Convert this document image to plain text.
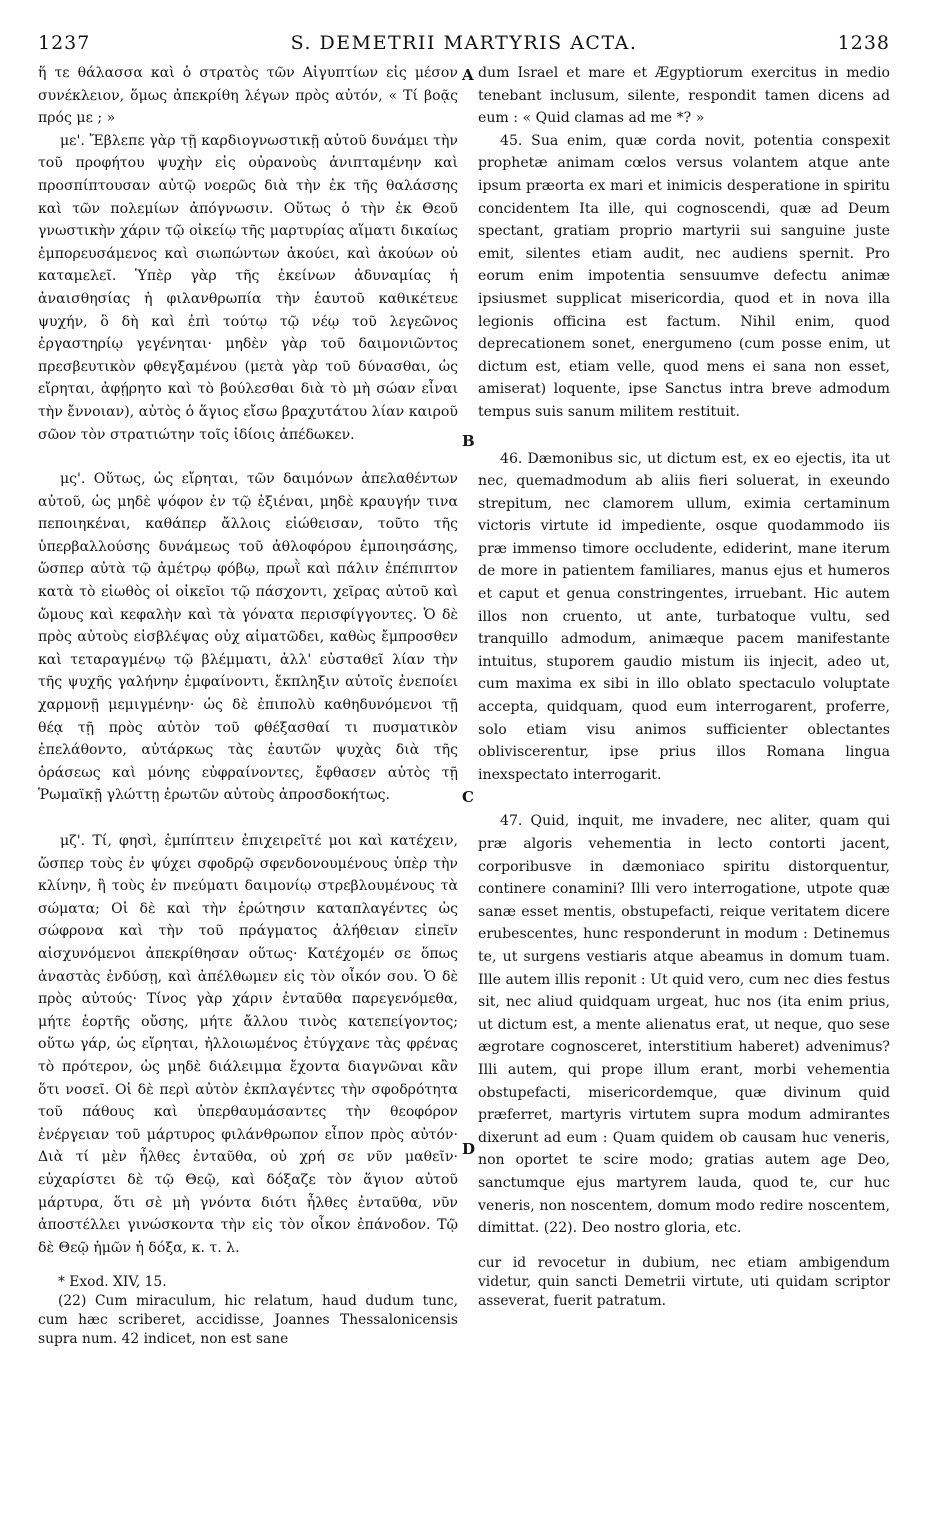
1237	S. DEMETRII MARTYRIS ACTA.	1238
A
B
C
D

ἥ τε θάλασσα καὶ ὁ στρατὸς τῶν Αἰγυπτίων εἰς μέσον συνέκλειον, ὅμως ἀπεκρίθη λέγων πρὸς αὐτόν, « Τί βοᾷς πρός με ; »

με'. Ἔβλεπε γὰρ τῇ καρδιογνωστικῇ αὐτοῦ δυνάμει τὴν τοῦ προφήτου ψυχὴν εἰς οὐρανοὺς ἀνιπταμένην καὶ προσπίπτουσαν αὐτῷ νοερῶς διὰ τὴν ἐκ τῆς θαλάσσης καὶ τῶν πολεμίων ἀπόγνωσιν. Οὕτως ὁ τὴν ἐκ Θεοῦ γνωστικὴν χάριν τῷ οἰκείῳ τῆς μαρτυρίας αἵματι δικαίως ἐμπορευσάμενος καὶ σιωπώντων ἀκούει, καὶ ἀκούων οὐ καταμελεῖ. Ὑπὲρ γὰρ τῆς ἐκείνων ἀδυναμίας ἡ ἀναισθησίας ἡ φιλανθρωπία τὴν ἑαυτοῦ καθικέτευε ψυχήν, ὃ δὴ καὶ ἐπὶ τούτῳ τῷ νέῳ τοῦ λεγεῶνος ἐργαστηρίῳ γεγένηται· μηδὲν γὰρ τοῦ δαιμονιῶντος πρεσβευτικὸν φθεγξαμένου (μετὰ γὰρ τοῦ δύνασθαι, ὡς εἴρηται, ἀφῄρητο καὶ τὸ βούλεσθαι διὰ τὸ μὴ σώαν εἶναι τὴν ἔννοιαν), αὐτὸς ὁ ἅγιος εἴσω βραχυτάτου λίαν καιροῦ σῶον τὸν στρατιώτην τοῖς ἰδίοις ἀπέδωκεν.

μς'. Οὕτως, ὡς εἴρηται, τῶν δαιμόνων ἀπελαθέντων αὐτοῦ, ὡς μηδὲ ψόφον ἐν τῷ ἐξιέναι, μηδὲ κραυγήν τινα πεποιηκέναι, καθάπερ ἄλλοις εἰώθεισαν, τοῦτο τῆς ὑπερβαλλούσης δυνάμεως τοῦ ἀθλοφόρου ἐμποιησάσης, ὥσπερ αὐτὰ τῷ ἀμέτρῳ φόβῳ, πρωῒ καὶ πάλιν ἐπέπιπτον κατὰ τὸ εἰωθὸς οἱ οἰκεῖοι τῷ πάσχοντι, χεῖρας αὐτοῦ καὶ ὤμους καὶ κεφαλὴν καὶ τὰ γόνατα περισφίγγοντες. Ὁ δὲ πρὸς αὐτοὺς εἰσβλέψας οὐχ αἱματῶδει, καθὼς ἔμπροσθεν καὶ τεταραγμένῳ τῷ βλέμματι, ἀλλ' εὐσταθεῖ λίαν τὴν τῆς ψυχῆς γαλήνην ἐμφαίνοντι, ἔκπληξιν αὐτοῖς ἐνεποίει χαρμονῇ μεμιγμένην· ὡς δὲ ἐπιπολὺ καθηδυνόμενοι τῇ θέᾳ τῇ πρὸς αὐτὸν τοῦ φθέξασθαί τι πυσματικὸν ἐπελάθοντο, αὐτάρκως τὰς ἑαυτῶν ψυχὰς διὰ τῆς ὁράσεως καὶ μόνης εὐφραίνοντες, ἔφθασεν αὐτὸς τῇ Ῥωμαϊκῇ γλώττῃ ἐρωτῶν αὐτοὺς ἀπροσδοκήτως.

μζ'. Τί, φησὶ, ἐμπίπτειν ἐπιχειρεῖτέ μοι καὶ κατέχειν, ὥσπερ τοὺς ἐν ψύχει σφοδρῷ σφενδονουμένους ὑπὲρ τὴν κλίνην, ἢ τοὺς ἐν πνεύματι δαιμονίῳ στρεβλουμένους τὰ σώματα; Οἱ δὲ καὶ τὴν ἐρώτησιν καταπλαγέντες ὡς σώφρονα καὶ τὴν τοῦ πράγματος ἀλήθειαν εἰπεῖν αἰσχυνόμενοι ἀπεκρίθησαν οὕτως· Κατέχομέν σε ὅπως ἀναστὰς ἐνδύσῃ, καὶ ἀπέλθωμεν εἰς τὸν οἶκόν σου. Ὁ δὲ πρὸς αὐτούς· Τίνος γὰρ χάριν ἐνταῦθα παρεγενόμεθα, μήτε ἑορτῆς οὔσης, μήτε ἄλλου τινὸς κατεπείγοντος; οὕτω γάρ, ὡς εἴρηται, ἠλλοιωμένος ἐτύγχανε τὰς φρένας τὸ πρότερον, ὡς μηδὲ διάλειμμα ἔχοντα διαγνῶναι κἂν ὅτι νοσεῖ. Οἱ δὲ περὶ αὐτὸν ἐκπλαγέντες τὴν σφοδρότητα τοῦ πάθους καὶ ὑπερθαυμάσαντες τὴν θεοφόρον ἐνέργειαν τοῦ μάρτυρος φιλάνθρωπον εἶπον πρὸς αὐτόν· Διὰ τί μὲν ἦλθες ἐνταῦθα, οὐ χρή σε νῦν μαθεῖν· εὐχαρίστει δὲ τῷ Θεῷ, καὶ δόξαζε τὸν ἅγιον αὐτοῦ μάρτυρα, ὅτι σὲ μὴ γνόντα διότι ἦλθες ἐνταῦθα, νῦν ἀποστέλλει γινώσκοντα τὴν εἰς τὸν οἶκον ἐπάνοδον. Τῷ δὲ Θεῷ ἡμῶν ἡ δόξα, κ. τ. λ.

* Exod. XIV, 15.
(22) Cum miraculum, hic relatum, haud dudum tunc, cum hæc scriberet, accidisse, Joannes Thessalonicensis supra num. 42 indicet, non est sane

dum Israel et mare et Ægyptiorum exercitus in medio tenebant inclusum, silente, respondit tamen dicens ad eum : « Quid clamas ad me *? »

45. Sua enim, quæ corda novit, potentia conspexit prophetæ animam cœlos versus volantem atque ante ipsum præorta ex mari et inimicis desperatione in spiritu concidentem Ita ille, qui cognoscendi, quæ ad Deum spectant, gratiam proprio martyrii sui sanguine juste emit, silentes etiam audit, nec audiens spernit. Pro eorum enim impotentia sensuumve defectu animæ ipsiusmet supplicat misericordia, quod et in nova illa legionis officina est factum. Nihil enim, quod deprecationem sonet, energumeno (cum posse enim, ut dictum est, etiam velle, quod mens ei sana non esset, amiserat) loquente, ipse Sanctus intra breve admodum tempus suis sanum militem restituit.

46. Dæmonibus sic, ut dictum est, ex eo ejectis, ita ut nec, quemadmodum ab aliis fieri soluerat, in exeundo strepitum, nec clamorem ullum, eximia certaminum victoris virtute id impediente, osque quodammodo iis præ immenso timore occludente, ediderint, mane iterum de more in patientem familiares, manus ejus et humeros et caput et genua constringentes, irruebant. Hic autem illos non cruento, ut ante, turbatoque vultu, sed tranquillo admodum, animæque pacem manifestante intuitus, stuporem gaudio mistum iis injecit, adeo ut, cum maxima ex sibi in illo oblato spectaculo voluptate accepta, quidquam, quod eum interrogarent, proferre, solo etiam visu animos sufficienter oblectantes obliviscerentur, ipse prius illos Romana lingua inexspectato interrogarit.

47. Quid, inquit, me invadere, nec aliter, quam qui præ algoris vehementia in lecto contorti jacent, corporibusve in dæmoniaco spiritu distorquentur, continere conamini? Illi vero interrogatione, utpote quæ sanæ esset mentis, obstupefacti, reique veritatem dicere erubescentes, hunc responderunt in modum : Detinemus te, ut surgens vestiaris atque abeamus in domum tuam. Ille autem illis reponit : Ut quid vero, cum nec dies festus sit, nec aliud quidquam urgeat, huc nos (ita enim prius, ut dictum est, a mente alienatus erat, ut neque, quo sese ægrotare cognosceret, interstitium haberet) advenimus? Illi autem, qui prope illum erant, morbi vehementia obstupefacti, misericordemque, quæ divinum quid præferret, martyris virtutem supra modum admirantes dixerunt ad eum : Quam quidem ob causam huc veneris, non oportet te scire modo; gratias autem age Deo, sanctumque ejus martyrem lauda, quod te, cur huc veneris, non noscentem, domum modo redire noscentem, dimittat. (22). Deo nostro gloria, etc.

cur id revocetur in dubium, nec etiam ambigendum videtur, quin sancti Demetrii virtute, uti quidam scriptor asseverat, fuerit patratum.
